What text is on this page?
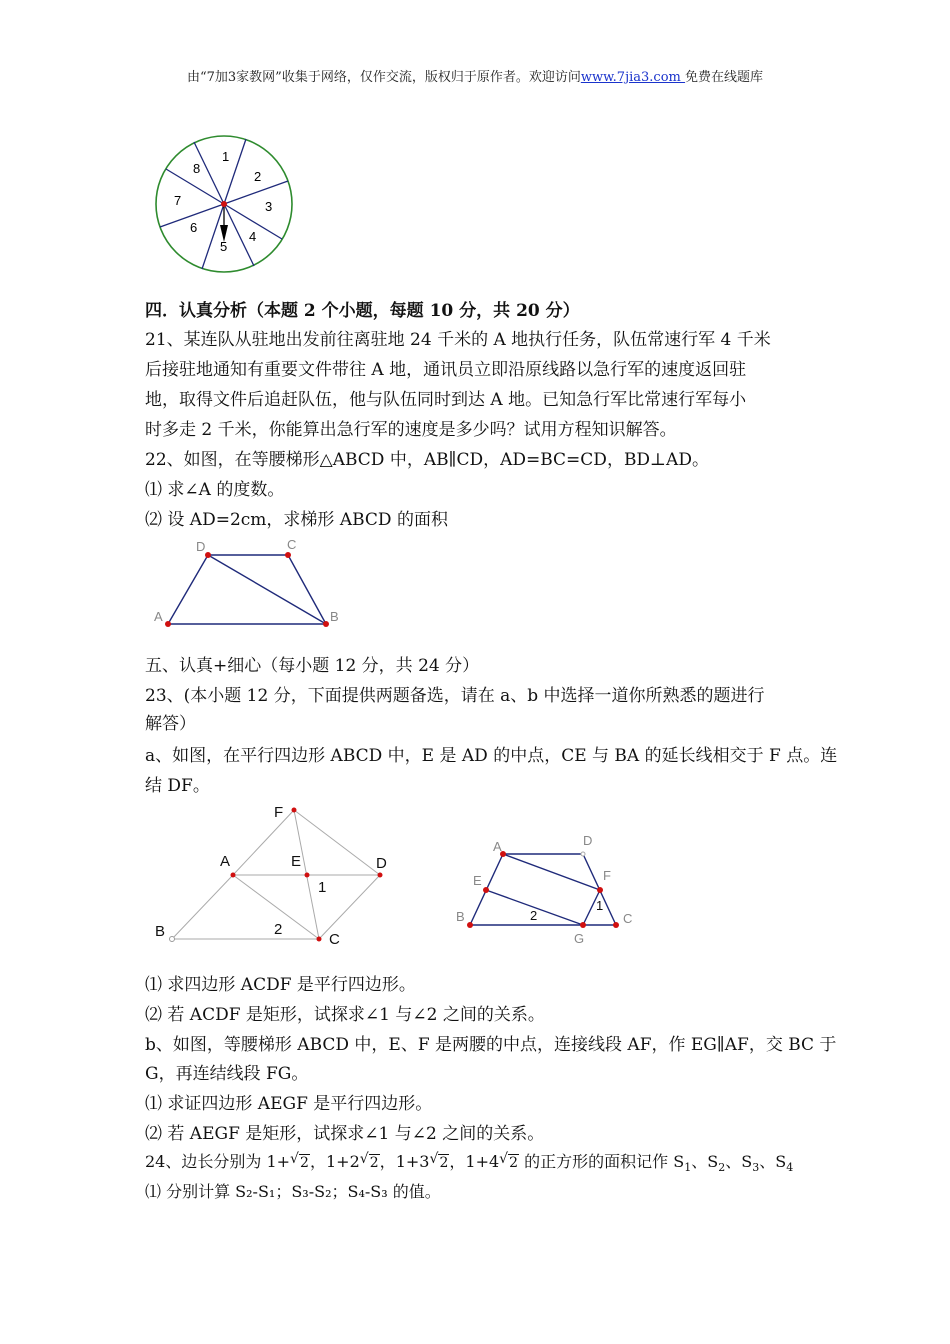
由“7加3家教网”收集于网络，仅作交流，版权归于原作者。欢迎访问www.7jia3.com 免费在线题库
1
2
3
4
5
6
7
8
四．认真分析（本题 2 个小题，每题 10 分，共 20 分）
21、某连队从驻地出发前往离驻地 24 千米的 A 地执行任务，队伍常速行军 4 千米
后接驻地通知有重要文件带往 A 地，通讯员立即沿原线路以急行军的速度返回驻
地，取得文件后追赶队伍，他与队伍同时到达 A 地。已知急行军比常速行军每小
时多走 2 千米，你能算出急行军的速度是多少吗？试用方程知识解答。
22、如图，在等腰梯形△ABCD 中，AB∥CD，AD=BC=CD，BD⊥AD。
⑴ 求∠A 的度数。
⑵ 设 AD=2cm，求梯形 ABCD 的面积
D	C
A	B
五、认真+细心（每小题 12 分，共 24 分）
23、(本小题 12 分，下面提供两题备选，请在 a、b 中选择一道你所熟悉的题进行
解答）
a、如图，在平行四边形 ABCD 中，E 是 AD 的中点，CE 与 BA 的延长线相交于 F 点。连
结 DF。
F
A	E	D
1
B	2
C
A	D
E	F
B	C
G
2
1
⑴ 求四边形 ACDF 是平行四边形。
⑵ 若 ACDF 是矩形，试探求∠1 与∠2 之间的关系。
b、如图，等腰梯形 ABCD 中，E、F 是两腰的中点，连接线段 AF，作 EG∥AF，交 BC 于
G，再连结线段 FG。
⑴ 求证四边形 AEGF 是平行四边形。
⑵ 若 AEGF 是矩形，试探求∠1 与∠2 之间的关系。
24、边长分别为 1+ √ 2，1+2 √ 2，1+3 √ 2，1+4 √ 2 的正方形的面积记作 $S_1$、$S_2$、$S_3$、$S_4$
⑴ 分别计算 S₂-S₁；S₃-S₂；S₄-S₃ 的值。
